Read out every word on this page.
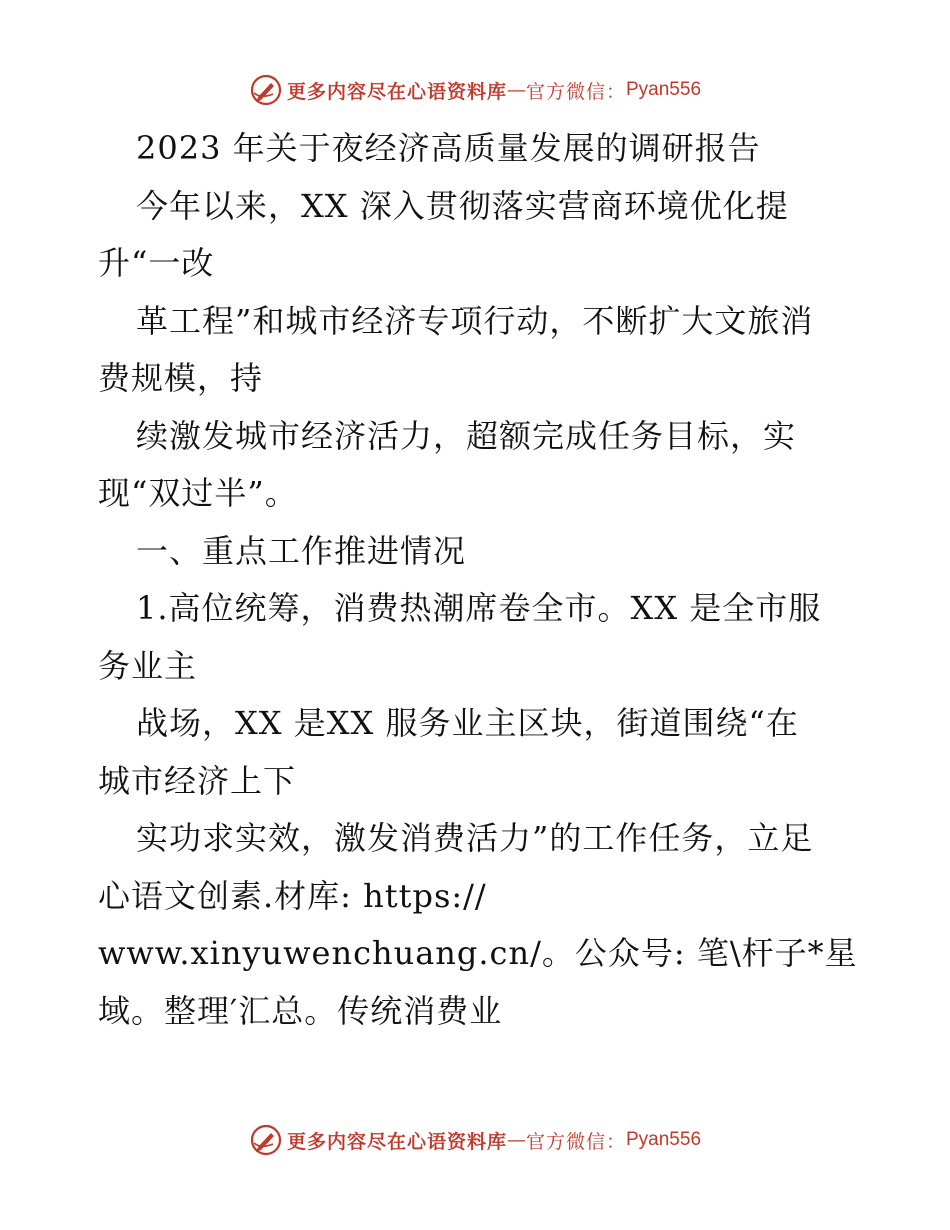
更多内容尽在心语资料库 — 官方微信： Pyan556
2023 年关于夜经济高质量发展的调研报告
今年以来，XX 深入贯彻落实营商环境优化提
升“一改
革工程”和城市经济专项行动，不断扩大文旅消
费规模，持
续激发城市经济活力，超额完成任务目标，实
现“双过半”。
一、重点工作推进情况
1.高位统筹，消费热潮席卷全市。XX 是全市服
务业主
战场，XX 是XX 服务业主区块，街道围绕“在
城市经济上下
实功求实效，激发消费活力”的工作任务，立足
心语文创素.材库: https://
www.xinyuwenchuang.cn/。公众号: 笔\杆子*星
域。整理′汇总。传统消费业
更多内容尽在心语资料库 — 官方微信： Pyan556
